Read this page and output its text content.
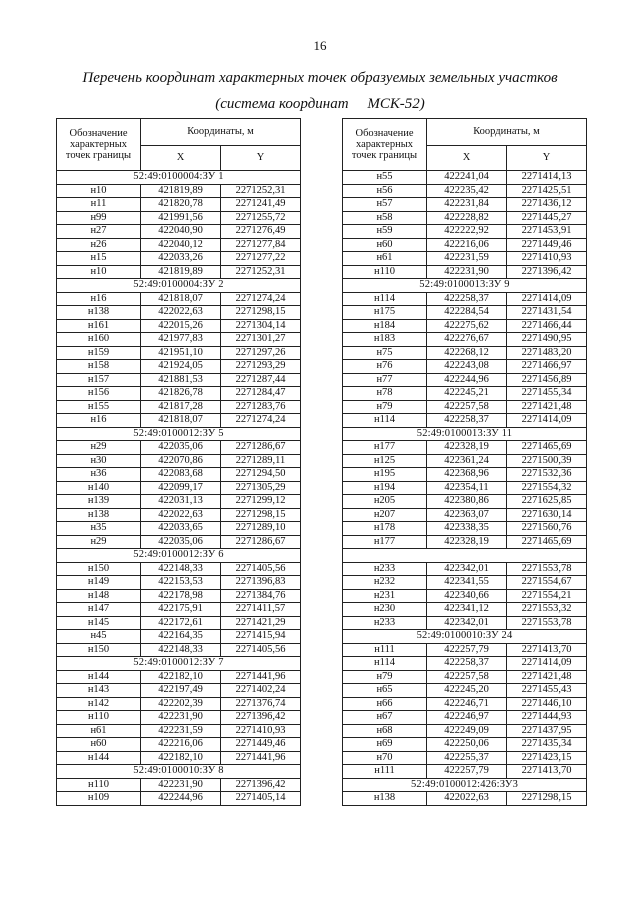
16
Перечень координат характерных точек образуемых земельных участков
(система координат     МСК-52)
Обозначение характерных точек границы	Координаты, м	
	X	Y
52:49:0100004:ЗУ 1		
н10	421819,89	2271252,31
н11	421820,78	2271241,49
н99	421991,56	2271255,72
н27	422040,90	2271276,49
н26	422040,12	2271277,84
н15	422033,26	2271277,22
н10	421819,89	2271252,31
52:49:0100004:ЗУ 2		
н16	421818,07	2271274,24
н138	422022,63	2271298,15
н161	422015,26	2271304,14
н160	421977,83	2271301,27
н159	421951,10	2271297,26
н158	421924,05	2271293,29
н157	421881,53	2271287,44
н156	421826,78	2271284,47
н155	421817,28	2271283,76
н16	421818,07	2271274,24
52:49:0100012:ЗУ 5		
н29	422035,06	2271286,67
н30	422070,86	2271289,11
н36	422083,68	2271294,50
н140	422099,17	2271305,29
н139	422031,13	2271299,12
н138	422022,63	2271298,15
н35	422033,65	2271289,10
н29	422035,06	2271286,67
52:49:0100012:ЗУ 6		
н150	422148,33	2271405,56
н149	422153,53	2271396,83
н148	422178,98	2271384,76
н147	422175,91	2271411,57
н145	422172,61	2271421,29
н45	422164,35	2271415,94
н150	422148,33	2271405,56
52:49:0100012:ЗУ 7		
н144	422182,10	2271441,96
н143	422197,49	2271402,24
н142	422202,39	2271376,74
н110	422231,90	2271396,42
н61	422231,59	2271410,93
н60	422216,06	2271449,46
н144	422182,10	2271441,96
52:49:0100010:ЗУ 8		
н110	422231,90	2271396,42
н109	422244,96	2271405,14
Обозначение характерных точек границы	Координаты, м	
	X	Y
н55	422241,04	2271414,13
н56	422235,42	2271425,51
н57	422231,84	2271436,12
н58	422228,82	2271445,27
н59	422222,92	2271453,91
н60	422216,06	2271449,46
н61	422231,59	2271410,93
н110	422231,90	2271396,42
52:49:0100013:ЗУ 9		
н114	422258,37	2271414,09
н175	422284,54	2271431,54
н184	422275,62	2271466,44
н183	422276,67	2271490,95
н75	422268,12	2271483,20
н76	422243,08	2271466,97
н77	422244,96	2271456,89
н78	422245,21	2271455,34
н79	422257,58	2271421,48
н114	422258,37	2271414,09
52:49:0100013:ЗУ 11		
н177	422328,19	2271465,69
н125	422361,24	2271500,39
н195	422368,96	2271532,36
н194	422354,11	2271554,32
н205	422380,86	2271625,85
н207	422363,07	2271630,14
н178	422338,35	2271560,76
н177	422328,19	2271465,69

н233	422342,01	2271553,78
н232	422341,55	2271554,67
н231	422340,66	2271554,21
н230	422341,12	2271553,32
н233	422342,01	2271553,78
52:49:0100010:ЗУ 24		
н111	422257,79	2271413,70
н114	422258,37	2271414,09
н79	422257,58	2271421,48
н65	422245,20	2271455,43
н66	422246,71	2271446,10
н67	422246,97	2271444,93
н68	422249,09	2271437,95
н69	422250,06	2271435,34
н70	422255,37	2271423,15
н111	422257,79	2271413,70
52:49:0100012:426:ЗУ3		
н138	422022,63	2271298,15
